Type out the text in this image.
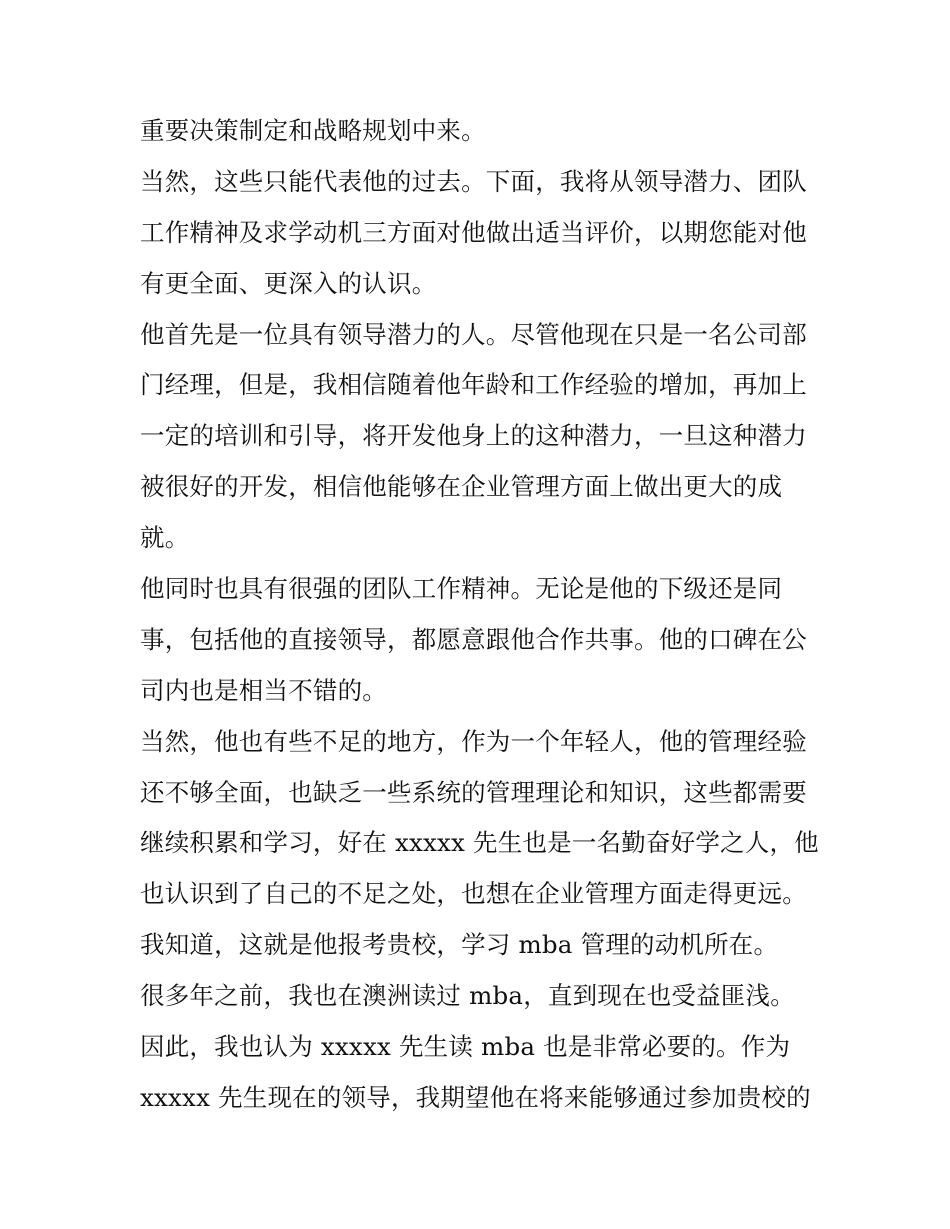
重要决策制定和战略规划中来。
当然，这些只能代表他的过去。下面，我将从领导潜力、团队
工作精神及求学动机三方面对他做出适当评价，以期您能对他
有更全面、更深入的认识。
他首先是一位具有领导潜力的人。尽管他现在只是一名公司部
门经理，但是，我相信随着他年龄和工作经验的增加，再加上
一定的培训和引导，将开发他身上的这种潜力，一旦这种潜力
被很好的开发，相信他能够在企业管理方面上做出更大的成
就。
他同时也具有很强的团队工作精神。无论是他的下级还是同
事，包括他的直接领导，都愿意跟他合作共事。他的口碑在公
司内也是相当不错的。
当然，他也有些不足的地方，作为一个年轻人，他的管理经验
还不够全面，也缺乏一些系统的管理理论和知识，这些都需要
继续积累和学习，好在 xxxxx 先生也是一名勤奋好学之人，他
也认识到了自己的不足之处，也想在企业管理方面走得更远。
我知道，这就是他报考贵校，学习 mba 管理的动机所在。
很多年之前，我也在澳洲读过 mba，直到现在也受益匪浅。
因此，我也认为 xxxxx 先生读 mba 也是非常必要的。作为
xxxxx 先生现在的领导，我期望他在将来能够通过参加贵校的
